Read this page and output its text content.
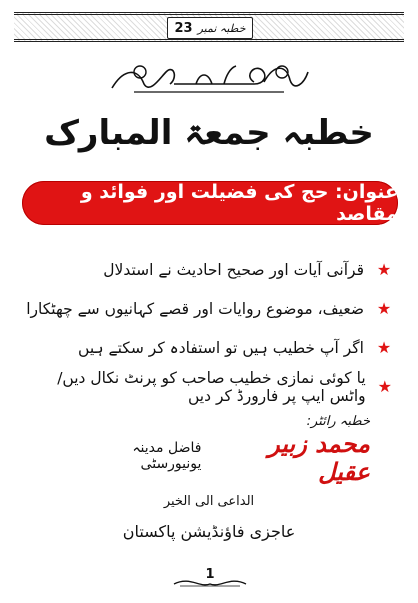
خطبہ نمبر
23
خطبہ جمعۃ المبارک
عنوان: حج کی فضیلت اور فوائد و مقاصد
★
قرآنی آیات اور صحیح احادیث نے استدلال
★
ضعیف، موضوع روایات اور قصے کہانیوں سے چھٹکارا
★
اگر آپ خطیب ہیں تو استفادہ کر سکتے ہیں
★
یا کوئی نمازی خطیب صاحب کو پرنٹ نکال دیں/واٹس ایپ پر فارورڈ کر دیں
خطبہ رائٹر:
محمد زبیر عقیل
فاضل مدینہ یونیورسٹی
الداعی الی الخیر
عاجزی فاؤنڈیشن پاکستان
1
